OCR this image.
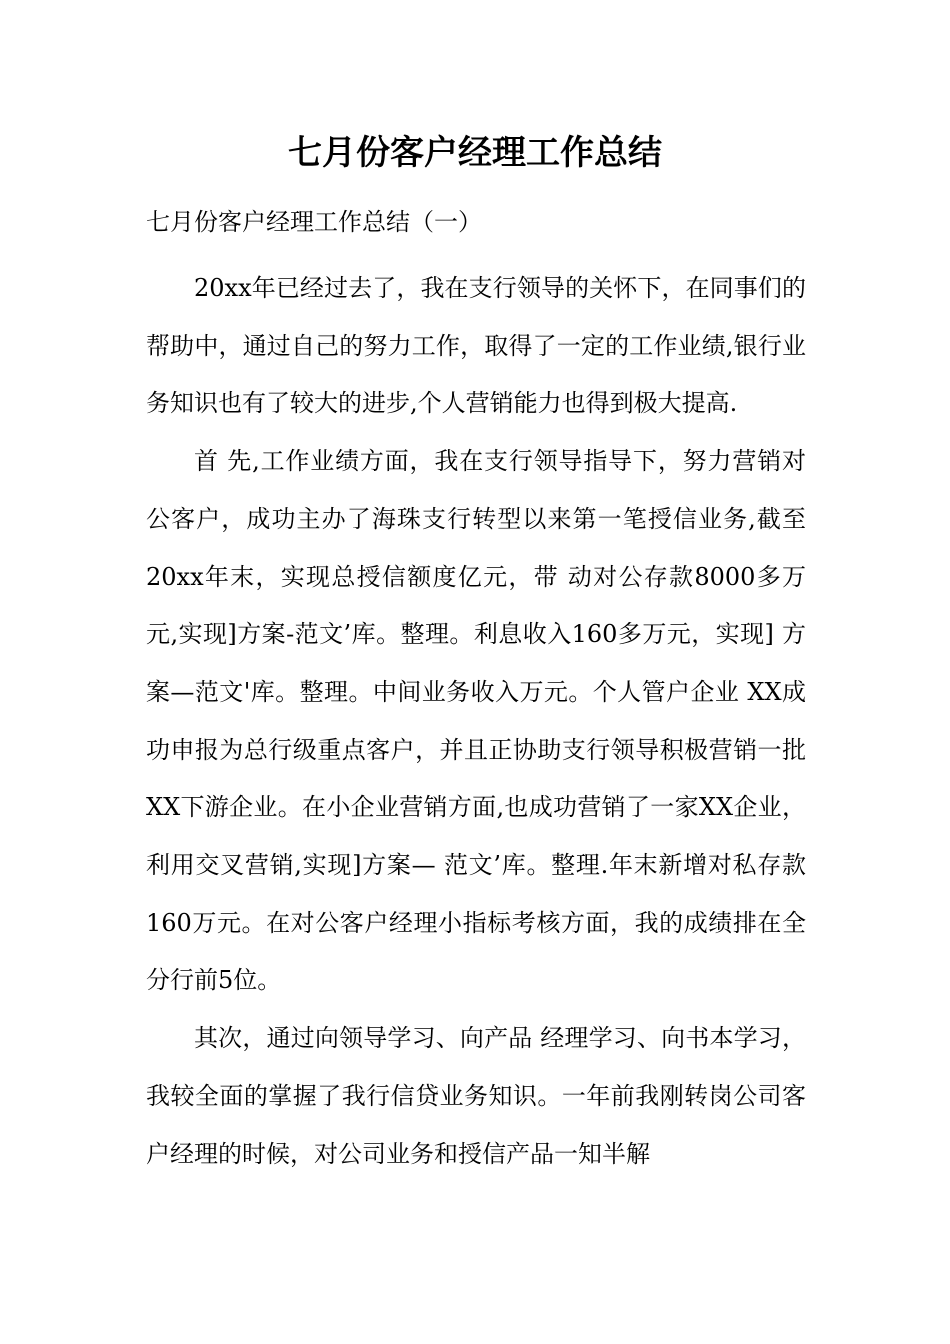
七月份客户经理工作总结

七月份客户经理工作总结（一）

20xx年已经过去了，我在支行领导的关怀下，在同事们的帮助中，通过自己的努力工作，取得了一定的工作业绩,银行业务知识也有了较大的进步,个人营销能力也得到极大提高.

首 先,工作业绩方面，我在支行领导指导下，努力营销对公客户，成功主办了海珠支行转型以来第一笔授信业务,截至20xx年末，实现总授信额度亿元，带 动对公存款8000多万元,实现]方案-范文’库。整理。利息收入160多万元，实现] 方案—范文'库。整理。中间业务收入万元。个人管户企业 XX成功申报为总行级重点客户，并且正协助支行领导积极营销一批XX下游企业。在小企业营销方面,也成功营销了一家XX企业，利用交叉营销,实现]方案— 范文’库。整理.年末新增对私存款160万元。在对公客户经理小指标考核方面，我的成绩排在全分行前5位。

其次，通过向领导学习、向产品 经理学习、向书本学习，我较全面的掌握了我行信贷业务知识。一年前我刚转岗公司客户经理的时候，对公司业务和授信产品一知半解
